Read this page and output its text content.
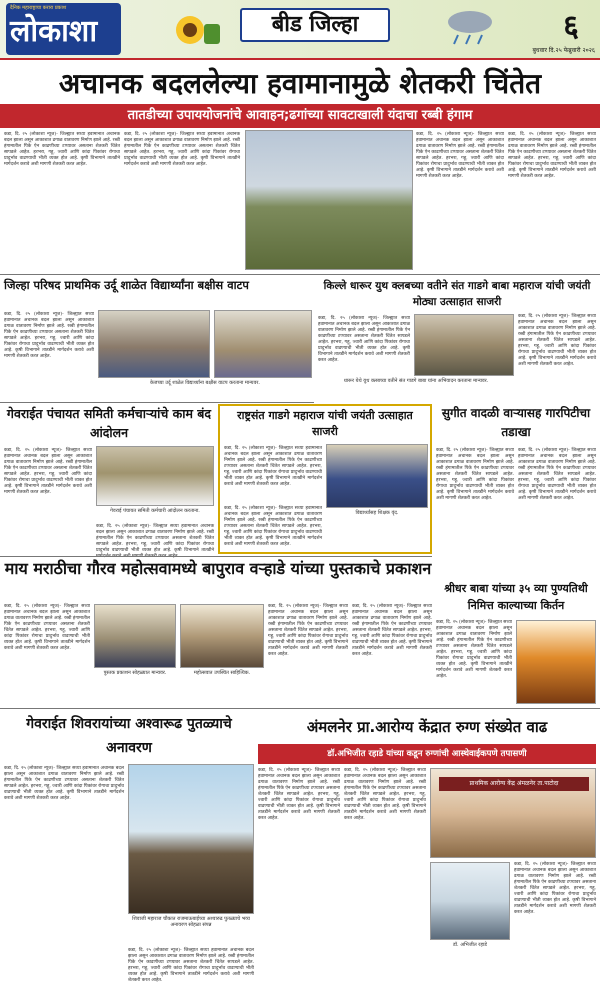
दैनिक महाराष्ट्राचा करारा प्रकाश
लोकाशा	बीड जिल्हा	६
बुधवार दि.२५ फेब्रुवारी २०२६
अचानक बदललेल्या हवामानामुळे शेतकरी चिंतेत
तातडीच्या उपाययोजनांचे आवाहन;ढगांच्या सावटाखाली यंदाचा रब्बी हंगाम
कडा, दि. २५ (लोकाशा न्यूज)- जिल्ह्यात सध्या हवामानात अचानक बदल झाला असून आकाशात ढगाळ वातावरण निर्माण झाले आहे. रब्बी हंगामातील पिके ऐन काढणीच्या टप्प्यावर असताना शेतकरी चिंतेत सापडले आहेत. हरभरा, गहू, ज्वारी आणि कांदा पिकांवर रोगाचा प्रादुर्भाव वाढण्याची भीती व्यक्त होत आहे. कृषी विभागाने तातडीने मार्गदर्शन करावे अशी मागणी शेतकरी करत आहेत.
कडा, दि. २५ (लोकाशा न्यूज)- जिल्ह्यात सध्या हवामानात अचानक बदल झाला असून आकाशात ढगाळ वातावरण निर्माण झाले आहे. रब्बी हंगामातील पिके ऐन काढणीच्या टप्प्यावर असताना शेतकरी चिंतेत सापडले आहेत. हरभरा, गहू, ज्वारी आणि कांदा पिकांवर रोगाचा प्रादुर्भाव वाढण्याची भीती व्यक्त होत आहे. कृषी विभागाने तातडीने मार्गदर्शन करावे अशी मागणी शेतकरी करत आहेत.
कडा, दि. २५ (लोकाशा न्यूज)- जिल्ह्यात सध्या हवामानात अचानक बदल झाला असून आकाशात ढगाळ वातावरण निर्माण झाले आहे. रब्बी हंगामातील पिके ऐन काढणीच्या टप्प्यावर असताना शेतकरी चिंतेत सापडले आहेत. हरभरा, गहू, ज्वारी आणि कांदा पिकांवर रोगाचा प्रादुर्भाव वाढण्याची भीती व्यक्त होत आहे. कृषी विभागाने तातडीने मार्गदर्शन करावे अशी मागणी शेतकरी करत आहेत.
कडा, दि. २५ (लोकाशा न्यूज)- जिल्ह्यात सध्या हवामानात अचानक बदल झाला असून आकाशात ढगाळ वातावरण निर्माण झाले आहे. रब्बी हंगामातील पिके ऐन काढणीच्या टप्प्यावर असताना शेतकरी चिंतेत सापडले आहेत. हरभरा, गहू, ज्वारी आणि कांदा पिकांवर रोगाचा प्रादुर्भाव वाढण्याची भीती व्यक्त होत आहे. कृषी विभागाने तातडीने मार्गदर्शन करावे अशी मागणी शेतकरी करत आहेत.
जिल्हा परिषद प्राथमिक उर्दू शाळेत विद्यार्थ्यांना बक्षीस वाटप
कडा, दि. २५ (लोकाशा न्यूज)- जिल्ह्यात सध्या हवामानात अचानक बदल झाला असून आकाशात ढगाळ वातावरण निर्माण झाले आहे. रब्बी हंगामातील पिके ऐन काढणीच्या टप्प्यावर असताना शेतकरी चिंतेत सापडले आहेत. हरभरा, गहू, ज्वारी आणि कांदा पिकांवर रोगाचा प्रादुर्भाव वाढण्याची भीती व्यक्त होत आहे. कृषी विभागाने तातडीने मार्गदर्शन करावे अशी मागणी शेतकरी करत आहेत.
केजच्या उर्दू शाळेत विद्यार्थ्यांना बक्षीस वाटप करताना मान्यवर.
किल्ले धारूर युथ क्लबच्या वतीने संत गाडगे बाबा महाराज यांची जयंती मोठ्या उत्साहात साजरी
कडा, दि. २५ (लोकाशा न्यूज)- जिल्ह्यात सध्या हवामानात अचानक बदल झाला असून आकाशात ढगाळ वातावरण निर्माण झाले आहे. रब्बी हंगामातील पिके ऐन काढणीच्या टप्प्यावर असताना शेतकरी चिंतेत सापडले आहेत. हरभरा, गहू, ज्वारी आणि कांदा पिकांवर रोगाचा प्रादुर्भाव वाढण्याची भीती व्यक्त होत आहे. कृषी विभागाने तातडीने मार्गदर्शन करावे अशी मागणी शेतकरी करत आहेत.
कडा, दि. २५ (लोकाशा न्यूज)- जिल्ह्यात सध्या हवामानात अचानक बदल झाला असून आकाशात ढगाळ वातावरण निर्माण झाले आहे. रब्बी हंगामातील पिके ऐन काढणीच्या टप्प्यावर असताना शेतकरी चिंतेत सापडले आहेत. हरभरा, गहू, ज्वारी आणि कांदा पिकांवर रोगाचा प्रादुर्भाव वाढण्याची भीती व्यक्त होत आहे. कृषी विभागाने तातडीने मार्गदर्शन करावे अशी मागणी शेतकरी करत आहेत.
धारूर येथे युथ क्लबच्या वतीने संत गाडगे बाबा यांना अभिवादन करताना मान्यवर.
गेवराईत पंचायत समिती कर्मचाऱ्यांचे काम बंद आंदोलन
कडा, दि. २५ (लोकाशा न्यूज)- जिल्ह्यात सध्या हवामानात अचानक बदल झाला असून आकाशात ढगाळ वातावरण निर्माण झाले आहे. रब्बी हंगामातील पिके ऐन काढणीच्या टप्प्यावर असताना शेतकरी चिंतेत सापडले आहेत. हरभरा, गहू, ज्वारी आणि कांदा पिकांवर रोगाचा प्रादुर्भाव वाढण्याची भीती व्यक्त होत आहे. कृषी विभागाने तातडीने मार्गदर्शन करावे अशी मागणी शेतकरी करत आहेत.
गेवराई पंचायत समिती कर्मचारी आंदोलन करताना.
कडा, दि. २५ (लोकाशा न्यूज)- जिल्ह्यात सध्या हवामानात अचानक बदल झाला असून आकाशात ढगाळ वातावरण निर्माण झाले आहे. रब्बी हंगामातील पिके ऐन काढणीच्या टप्प्यावर असताना शेतकरी चिंतेत सापडले आहेत. हरभरा, गहू, ज्वारी आणि कांदा पिकांवर रोगाचा प्रादुर्भाव वाढण्याची भीती व्यक्त होत आहे. कृषी विभागाने तातडीने
राष्ट्रसंत गाडगे महाराज यांची जयंती उत्साहात साजरी
कडा, दि. २५ (लोकाशा न्यूज)- जिल्ह्यात सध्या हवामानात अचानक बदल झाला असून आकाशात ढगाळ वातावरण निर्माण झाले आहे. रब्बी हंगामातील पिके ऐन काढणीच्या टप्प्यावर असताना शेतकरी चिंतेत सापडले आहेत. हरभरा, गहू, ज्वारी आणि कांदा पिकांवर रोगाचा प्रादुर्भाव वाढण्याची भीती व्यक्त होत आहे. कृषी विभागाने तातडीने मार्गदर्शन करावे अशी मागणी शेतकरी करत आहेत.
विद्यार्थ्यांसह शिक्षक वृंद.
कडा, दि. २५ (लोकाशा न्यूज)- जिल्ह्यात सध्या हवामानात अचानक बदल झाला असून आकाशात ढगाळ वातावरण निर्माण झाले आहे. रब्बी हंगामातील पिके ऐन काढणीच्या टप्प्यावर असताना शेतकरी चिंतेत सापडले आहेत. हरभरा, गहू, ज्वारी आणि कांदा पिकांवर रोगाचा प्रादुर्भाव वाढण्याची भीती व्यक्त होत आहे. कृषी विभागाने तातडीने मार्गदर्शन करावे अशी मागणी शेतकरी करत आहेत.
सुगीत वादळी वाऱ्यासह गारपिटीचा तडाखा
कडा, दि. २५ (लोकाशा न्यूज)- जिल्ह्यात सध्या हवामानात अचानक बदल झाला असून आकाशात ढगाळ वातावरण निर्माण झाले आहे. रब्बी हंगामातील पिके ऐन काढणीच्या टप्प्यावर असताना शेतकरी चिंतेत सापडले आहेत. हरभरा, गहू, ज्वारी आणि कांदा पिकांवर रोगाचा प्रादुर्भाव वाढण्याची भीती व्यक्त होत आहे. कृषी विभागाने तातडीने मार्गदर्शन करावे अशी मागणी शेतकरी करत आहेत.
कडा, दि. २५ (लोकाशा न्यूज)- जिल्ह्यात सध्या हवामानात अचानक बदल झाला असून आकाशात ढगाळ वातावरण निर्माण झाले आहे. रब्बी हंगामातील पिके ऐन काढणीच्या टप्प्यावर असताना शेतकरी चिंतेत सापडले आहेत. हरभरा, गहू, ज्वारी आणि कांदा पिकांवर रोगाचा प्रादुर्भाव वाढण्याची भीती व्यक्त होत आहे. कृषी विभागाने तातडीने मार्गदर्शन करावे अशी मागणी शेतकरी करत आहेत.
माय मराठीचा गौरव महोत्सवामध्ये बापुराव वऱ्हाडे यांच्या पुस्तकाचे प्रकाशन
कडा, दि. २५ (लोकाशा न्यूज)- जिल्ह्यात सध्या हवामानात अचानक बदल झाला असून आकाशात ढगाळ वातावरण निर्माण झाले आहे. रब्बी हंगामातील पिके ऐन काढणीच्या टप्प्यावर असताना शेतकरी चिंतेत सापडले आहेत. हरभरा, गहू, ज्वारी आणि कांदा पिकांवर रोगाचा प्रादुर्भाव वाढण्याची भीती व्यक्त होत आहे. कृषी विभागाने तातडीने मार्गदर्शन करावे अशी मागणी शेतकरी करत आहेत.
पुस्तक प्रकाशन सोहळ्यात मान्यवर.	महोत्सवात उपस्थित साहित्यिक.
कडा, दि. २५ (लोकाशा न्यूज)- जिल्ह्यात सध्या हवामानात अचानक बदल झाला असून आकाशात ढगाळ वातावरण निर्माण झाले आहे. रब्बी हंगामातील पिके ऐन काढणीच्या टप्प्यावर असताना शेतकरी चिंतेत सापडले आहेत. हरभरा, गहू, ज्वारी आणि कांदा पिकांवर रोगाचा प्रादुर्भाव वाढण्याची भीती व्यक्त होत आहे. कृषी विभागाने तातडीने मार्गदर्शन करावे अशी मागणी शेतकरी करत आहेत.
कडा, दि. २५ (लोकाशा न्यूज)- जिल्ह्यात सध्या हवामानात अचानक बदल झाला असून आकाशात ढगाळ वातावरण निर्माण झाले आहे. रब्बी हंगामातील पिके ऐन काढणीच्या टप्प्यावर असताना शेतकरी चिंतेत सापडले आहेत. हरभरा, गहू, ज्वारी आणि कांदा पिकांवर रोगाचा प्रादुर्भाव वाढण्याची भीती व्यक्त होत आहे. कृषी विभागाने तातडीने मार्गदर्शन करावे अशी मागणी शेतकरी करत आहेत.
श्रीधर बाबा यांच्या ३५ व्या पुण्यतिथी निमित्त काल्याच्या किर्तन
कडा, दि. २५ (लोकाशा न्यूज)- जिल्ह्यात सध्या हवामानात अचानक बदल झाला असून आकाशात ढगाळ वातावरण निर्माण झाले आहे. रब्बी हंगामातील पिके ऐन काढणीच्या टप्प्यावर असताना शेतकरी चिंतेत सापडले आहेत. हरभरा, गहू, ज्वारी आणि कांदा पिकांवर रोगाचा प्रादुर्भाव वाढण्याची भीती व्यक्त होत आहे. कृषी विभागाने तातडीने मार्गदर्शन करावे अशी मागणी शेतकरी करत आहेत.
गेवराईत शिवरायांच्या अश्वारूढ पुतळ्याचे अनावरण
कडा, दि. २५ (लोकाशा न्यूज)- जिल्ह्यात सध्या हवामानात अचानक बदल झाला असून आकाशात ढगाळ वातावरण निर्माण झाले आहे. रब्बी हंगामातील पिके ऐन काढणीच्या टप्प्यावर असताना शेतकरी चिंतेत सापडले आहेत. हरभरा, गहू, ज्वारी आणि कांदा पिकांवर रोगाचा प्रादुर्भाव वाढण्याची भीती व्यक्त होत आहे. कृषी विभागाने तातडीने मार्गदर्शन करावे अशी मागणी शेतकरी करत आहेत.
शिवाजी महाराज चौकात राजमाऊबाईच्या अश्वारुढ पुतळ्याचे भव्य अनावरण सोहळा संपन्न
कडा, दि. २५ (लोकाशा न्यूज)- जिल्ह्यात सध्या हवामानात अचानक बदल झाला असून आकाशात ढगाळ वातावरण निर्माण झाले आहे. रब्बी हंगामातील पिके ऐन काढणीच्या टप्प्यावर असताना शेतकरी चिंतेत सापडले आहेत. हरभरा, गहू, ज्वारी आणि कांदा पिकांवर रोगाचा प्रादुर्भाव वाढण्याची भीती व्यक्त होत आहे. कृषी विभागाने तातडीने मार्गदर्शन करावे अशी मागणी शेतकरी करत आहेत.
अंमलनेर प्रा.आरोग्य केंद्रात रुग्ण संख्येत वाढ
डॉ.अभिजीत रहाडे यांच्या कडून रुग्णांची आस्थेवाईकपणे तपासणी
कडा, दि. २५ (लोकाशा न्यूज)- जिल्ह्यात सध्या हवामानात अचानक बदल झाला असून आकाशात ढगाळ वातावरण निर्माण झाले आहे. रब्बी हंगामातील पिके ऐन काढणीच्या टप्प्यावर असताना शेतकरी चिंतेत सापडले आहेत. हरभरा, गहू, ज्वारी आणि कांदा पिकांवर रोगाचा प्रादुर्भाव वाढण्याची भीती व्यक्त होत आहे. कृषी विभागाने तातडीने मार्गदर्शन करावे अशी मागणी शेतकरी करत आहेत.
कडा, दि. २५ (लोकाशा न्यूज)- जिल्ह्यात सध्या हवामानात अचानक बदल झाला असून आकाशात ढगाळ वातावरण निर्माण झाले आहे. रब्बी हंगामातील पिके ऐन काढणीच्या टप्प्यावर असताना शेतकरी चिंतेत सापडले आहेत. हरभरा, गहू, ज्वारी आणि कांदा पिकांवर रोगाचा प्रादुर्भाव वाढण्याची भीती व्यक्त होत आहे. कृषी विभागाने तातडीने मार्गदर्शन करावे अशी मागणी शेतकरी करत आहेत.
प्राथमिक आरोग्य केंद्र अंमळनेर ता.पाटोदा
डॉ. अभिजीत रहाडे
कडा, दि. २५ (लोकाशा न्यूज)- जिल्ह्यात सध्या हवामानात अचानक बदल झाला असून आकाशात ढगाळ वातावरण निर्माण झाले आहे. रब्बी हंगामातील पिके ऐन काढणीच्या टप्प्यावर असताना शेतकरी चिंतेत सापडले आहेत. हरभरा, गहू, ज्वारी आणि कांदा पिकांवर रोगाचा प्रादुर्भाव वाढण्याची भीती व्यक्त होत आहे. कृषी विभागाने तातडीने मार्गदर्शन करावे अशी मागणी शेतकरी करत आहेत.
